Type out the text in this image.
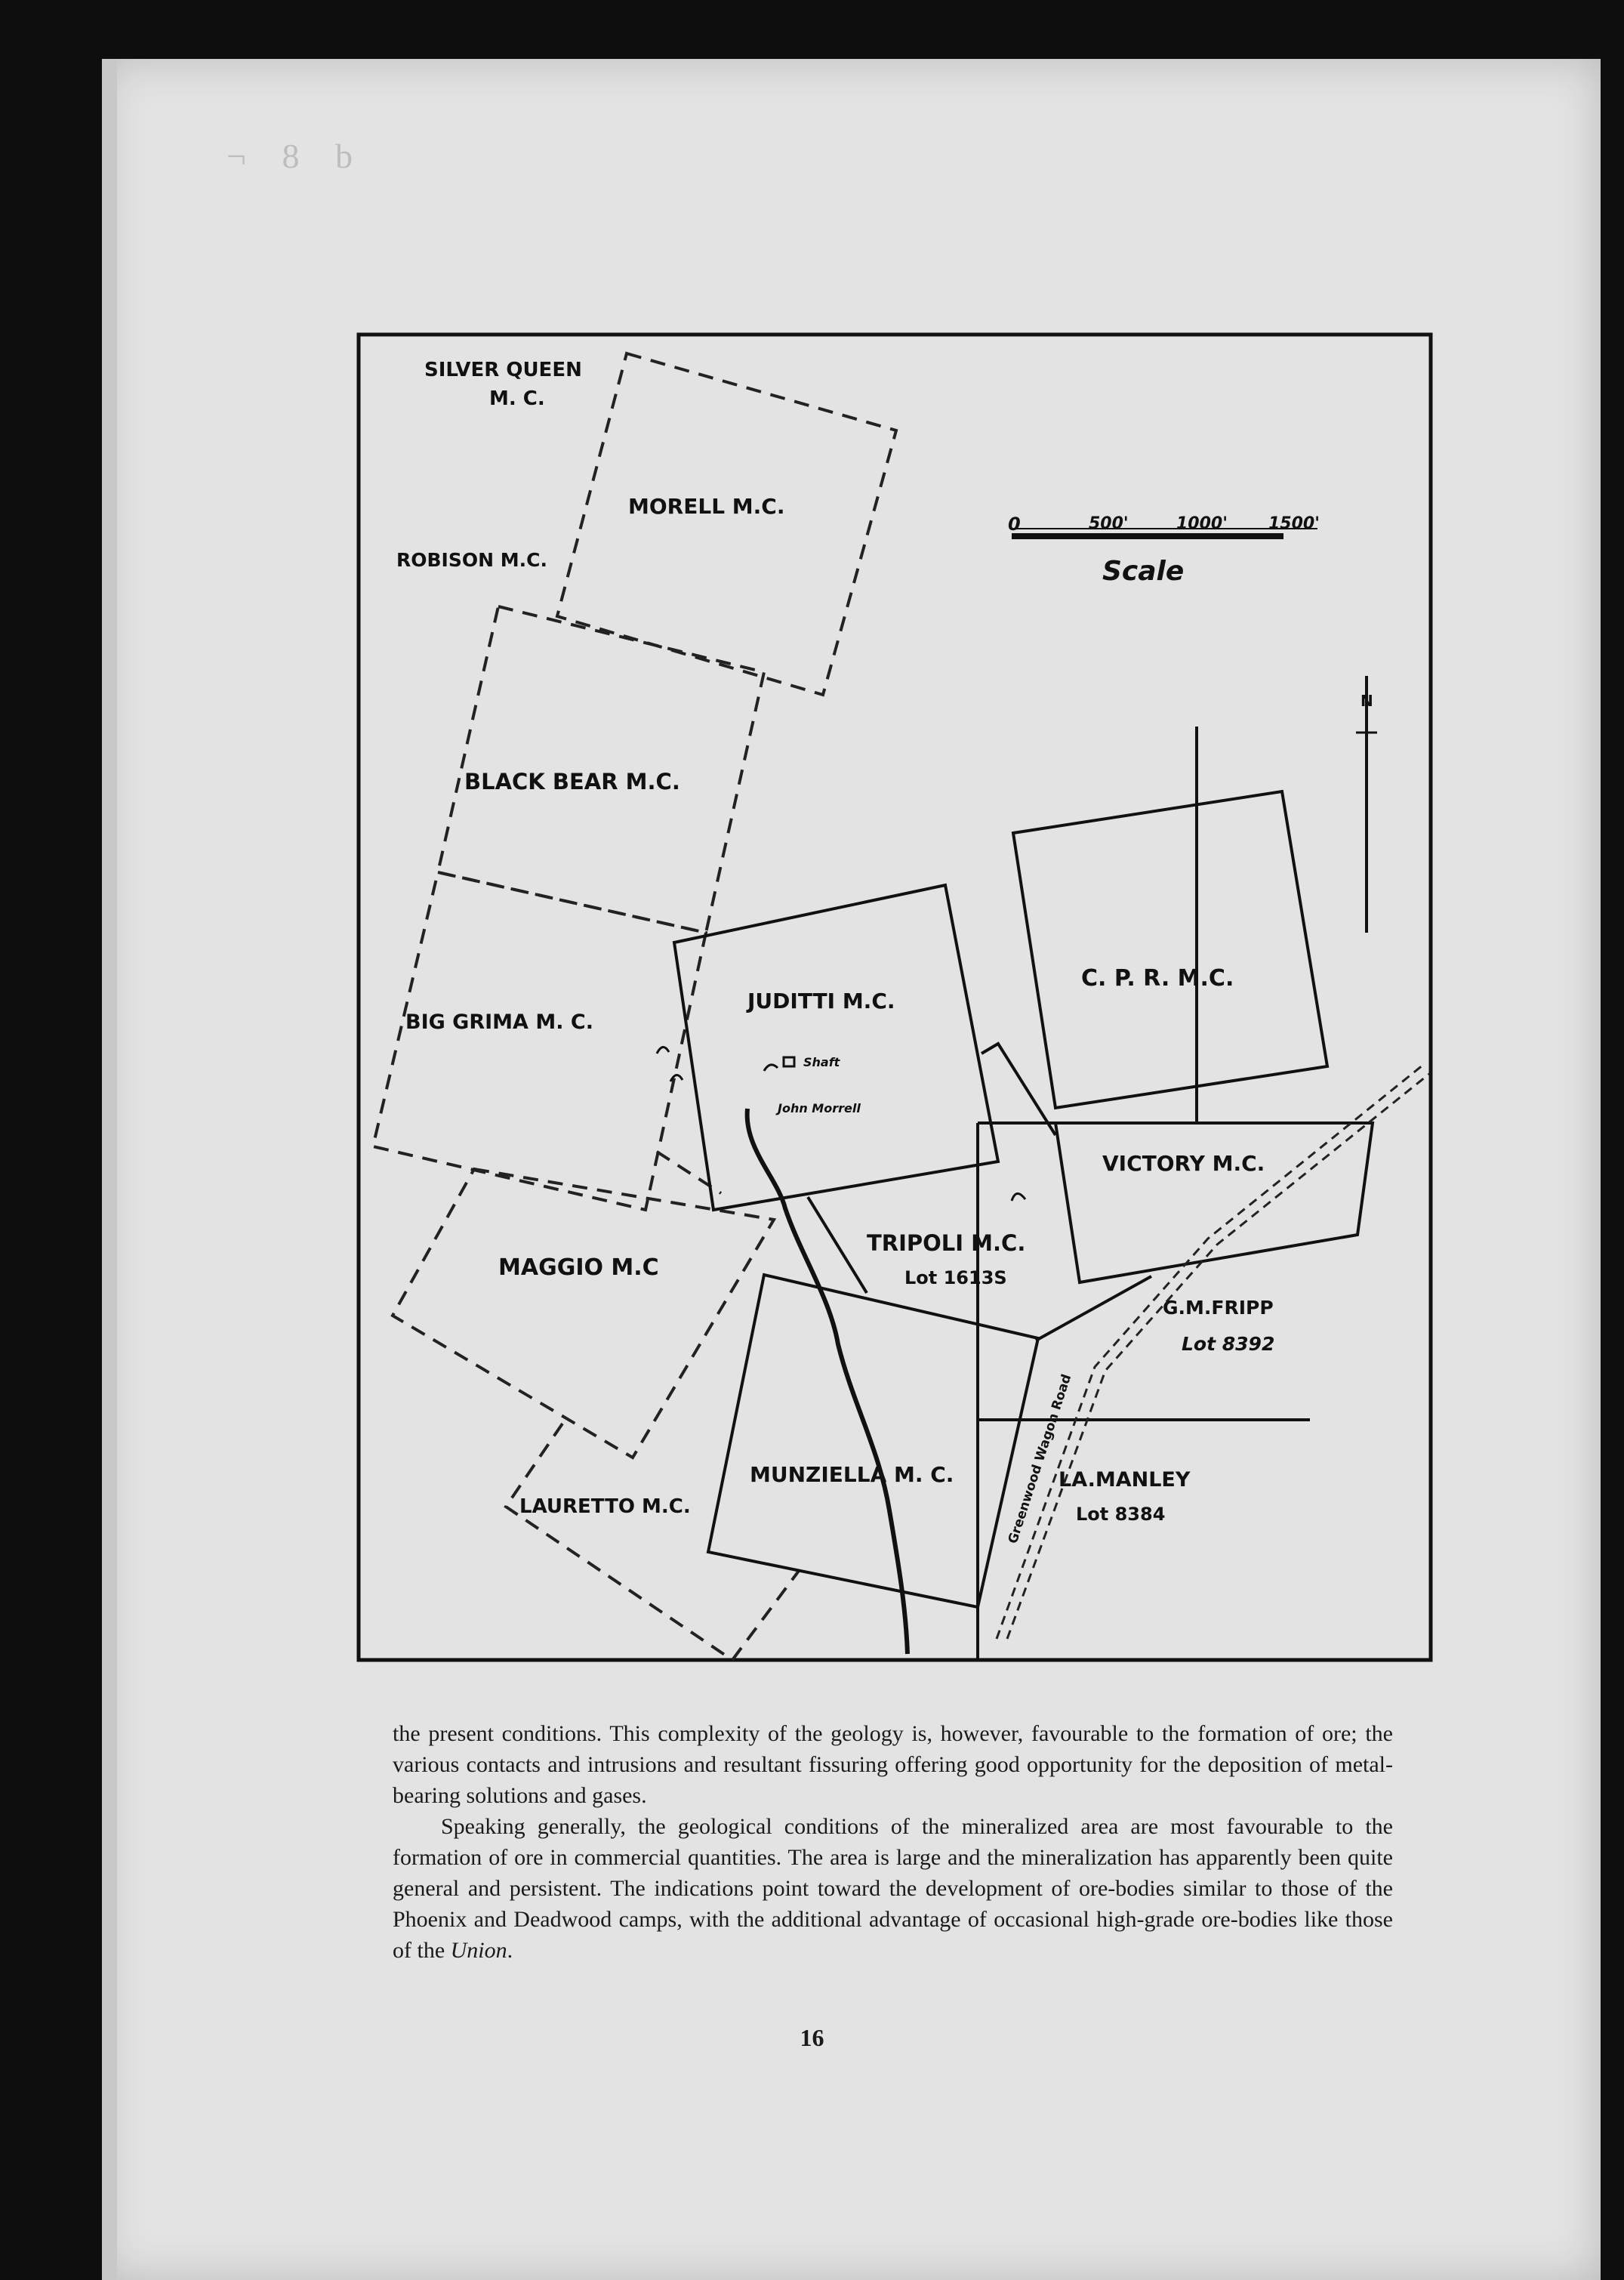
¬ 8 b
0	500'	1000' 1500'
Scale
N
SILVER QUEEN
M. C.
MORELL M.C.
ROBISON M.C.
BLACK BEAR M.C.
BIG GRIMA M. C.
JUDITTI M.C.
Shaft
John Morrell
C. P. R. M.C.
VICTORY M.C.
TRIPOLI M.C.
Lot 1613S
MAGGIO M.C
G.M.FRIPP
Lot 8392
MUNZIELLA M. C.	LA.MANLEY
Lot 8384
LAURETTO M.C.	Greenwood Wagon Road

the present conditions. This complexity of the geology is, however, favourable to the formation of ore; the various contacts and intrusions and resultant fissuring offering good opportunity for the deposition of metal-bearing solutions and gases.

Speaking generally, the geological conditions of the mineralized area are most favourable to the formation of ore in commercial quantities. The area is large and the mineralization has apparently been quite general and persistent. The indications point toward the development of ore-bodies similar to those of the Phoenix and Deadwood camps, with the additional advantage of occasional high-grade ore-bodies like those of the Union.

16
